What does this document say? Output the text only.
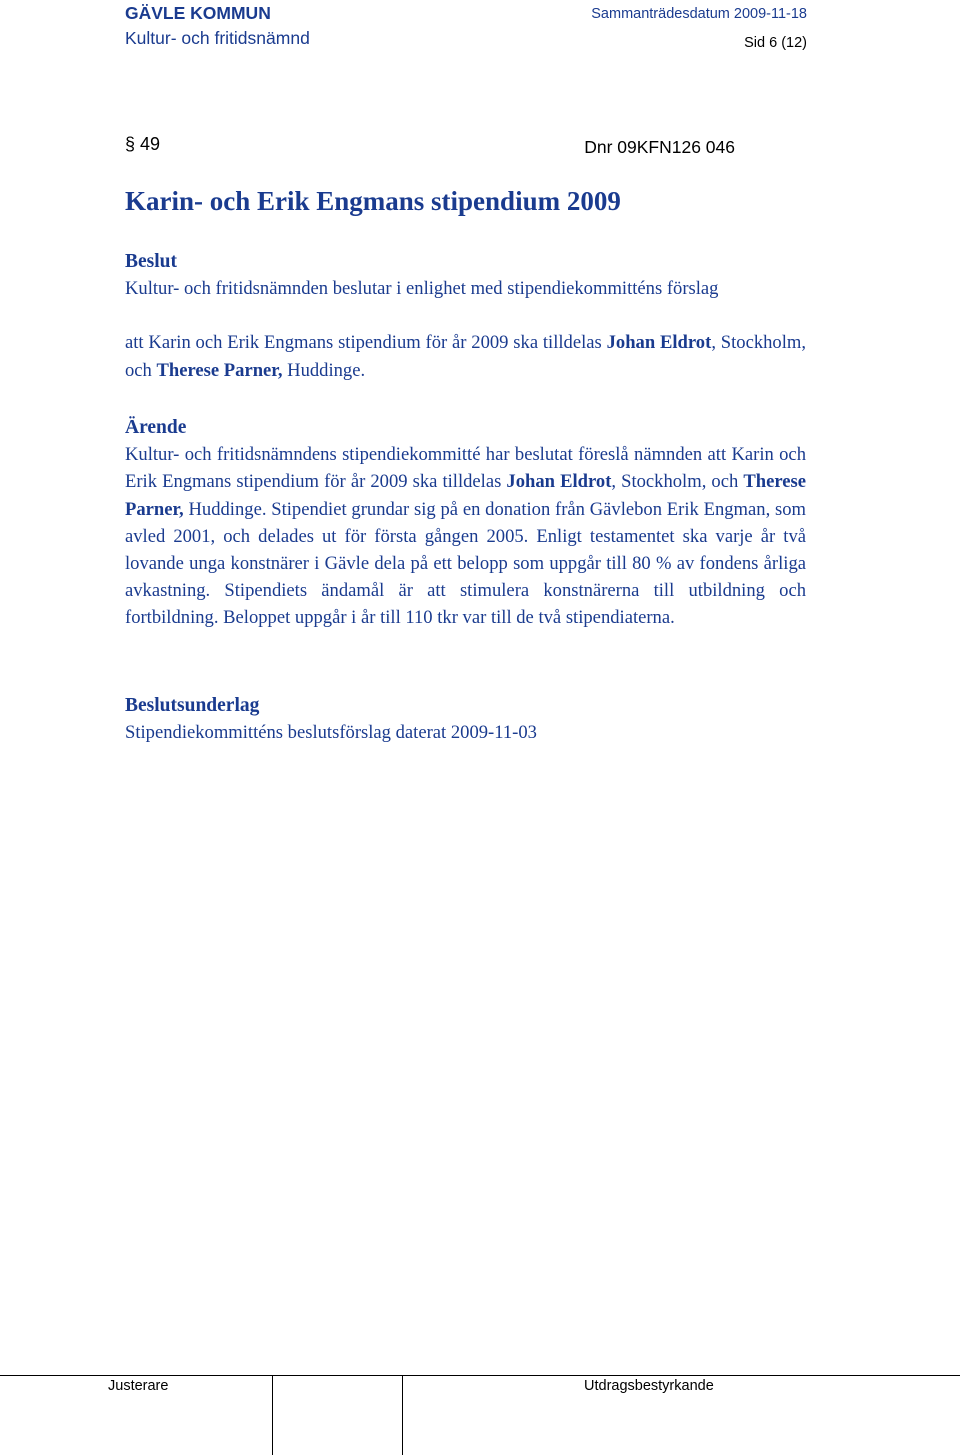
GÄVLE KOMMUN
Kultur- och fritidsnämnd
Sammanträdesdatum 2009-11-18
Sid 6 (12)
§ 49	Dnr 09KFN126 046
Karin- och Erik Engmans stipendium 2009
Beslut
Kultur- och fritidsnämnden beslutar i enlighet med stipendiekommitténs förslag
att Karin och Erik Engmans stipendium för år 2009 ska tilldelas Johan Eldrot, Stockholm, och Therese Parner, Huddinge.
Ärende
Kultur- och fritidsnämndens stipendiekommitté har beslutat föreslå nämnden att Karin och Erik Engmans stipendium för år 2009 ska tilldelas Johan Eldrot, Stockholm, och Therese Parner, Huddinge. Stipendiet grundar sig på en donation från Gävlebon Erik Engman, som avled 2001, och delades ut för första gången 2005. Enligt testamentet ska varje år två lovande unga konstnärer i Gävle dela på ett belopp som uppgår till 80 % av fondens årliga avkastning. Stipendiets ändamål är att stimulera konstnärerna till utbildning och fortbildning. Beloppet uppgår i år till 110 tkr var till de två stipendiaterna.
Beslutsunderlag
Stipendiekommitténs beslutsförslag daterat 2009-11-03
Justerare	Utdragsbestyrkande
